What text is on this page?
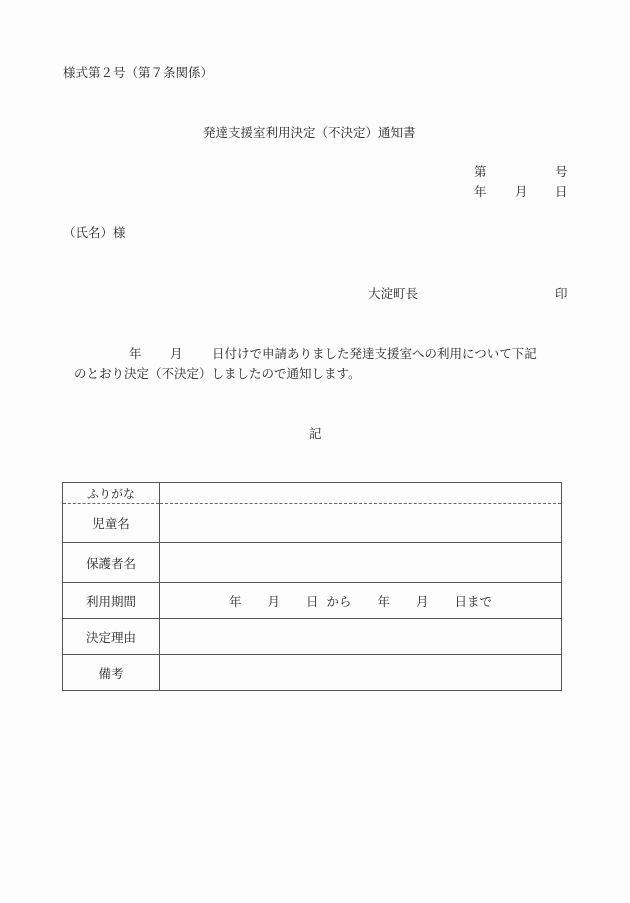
様式第２号（第７条関係）
発達支援室利用決定（不決定）通知書
第	号
年 月 日
（氏名）様
大淀町長	印
年 月 日付けで申請ありました発達支援室への利用について下記
のとおり決定（不決定）しましたので通知します。
記
ふりがな	
児童名	
保護者名	
利用期間	年 月 日 から 年 月 日まで
決定理由	
備考	
